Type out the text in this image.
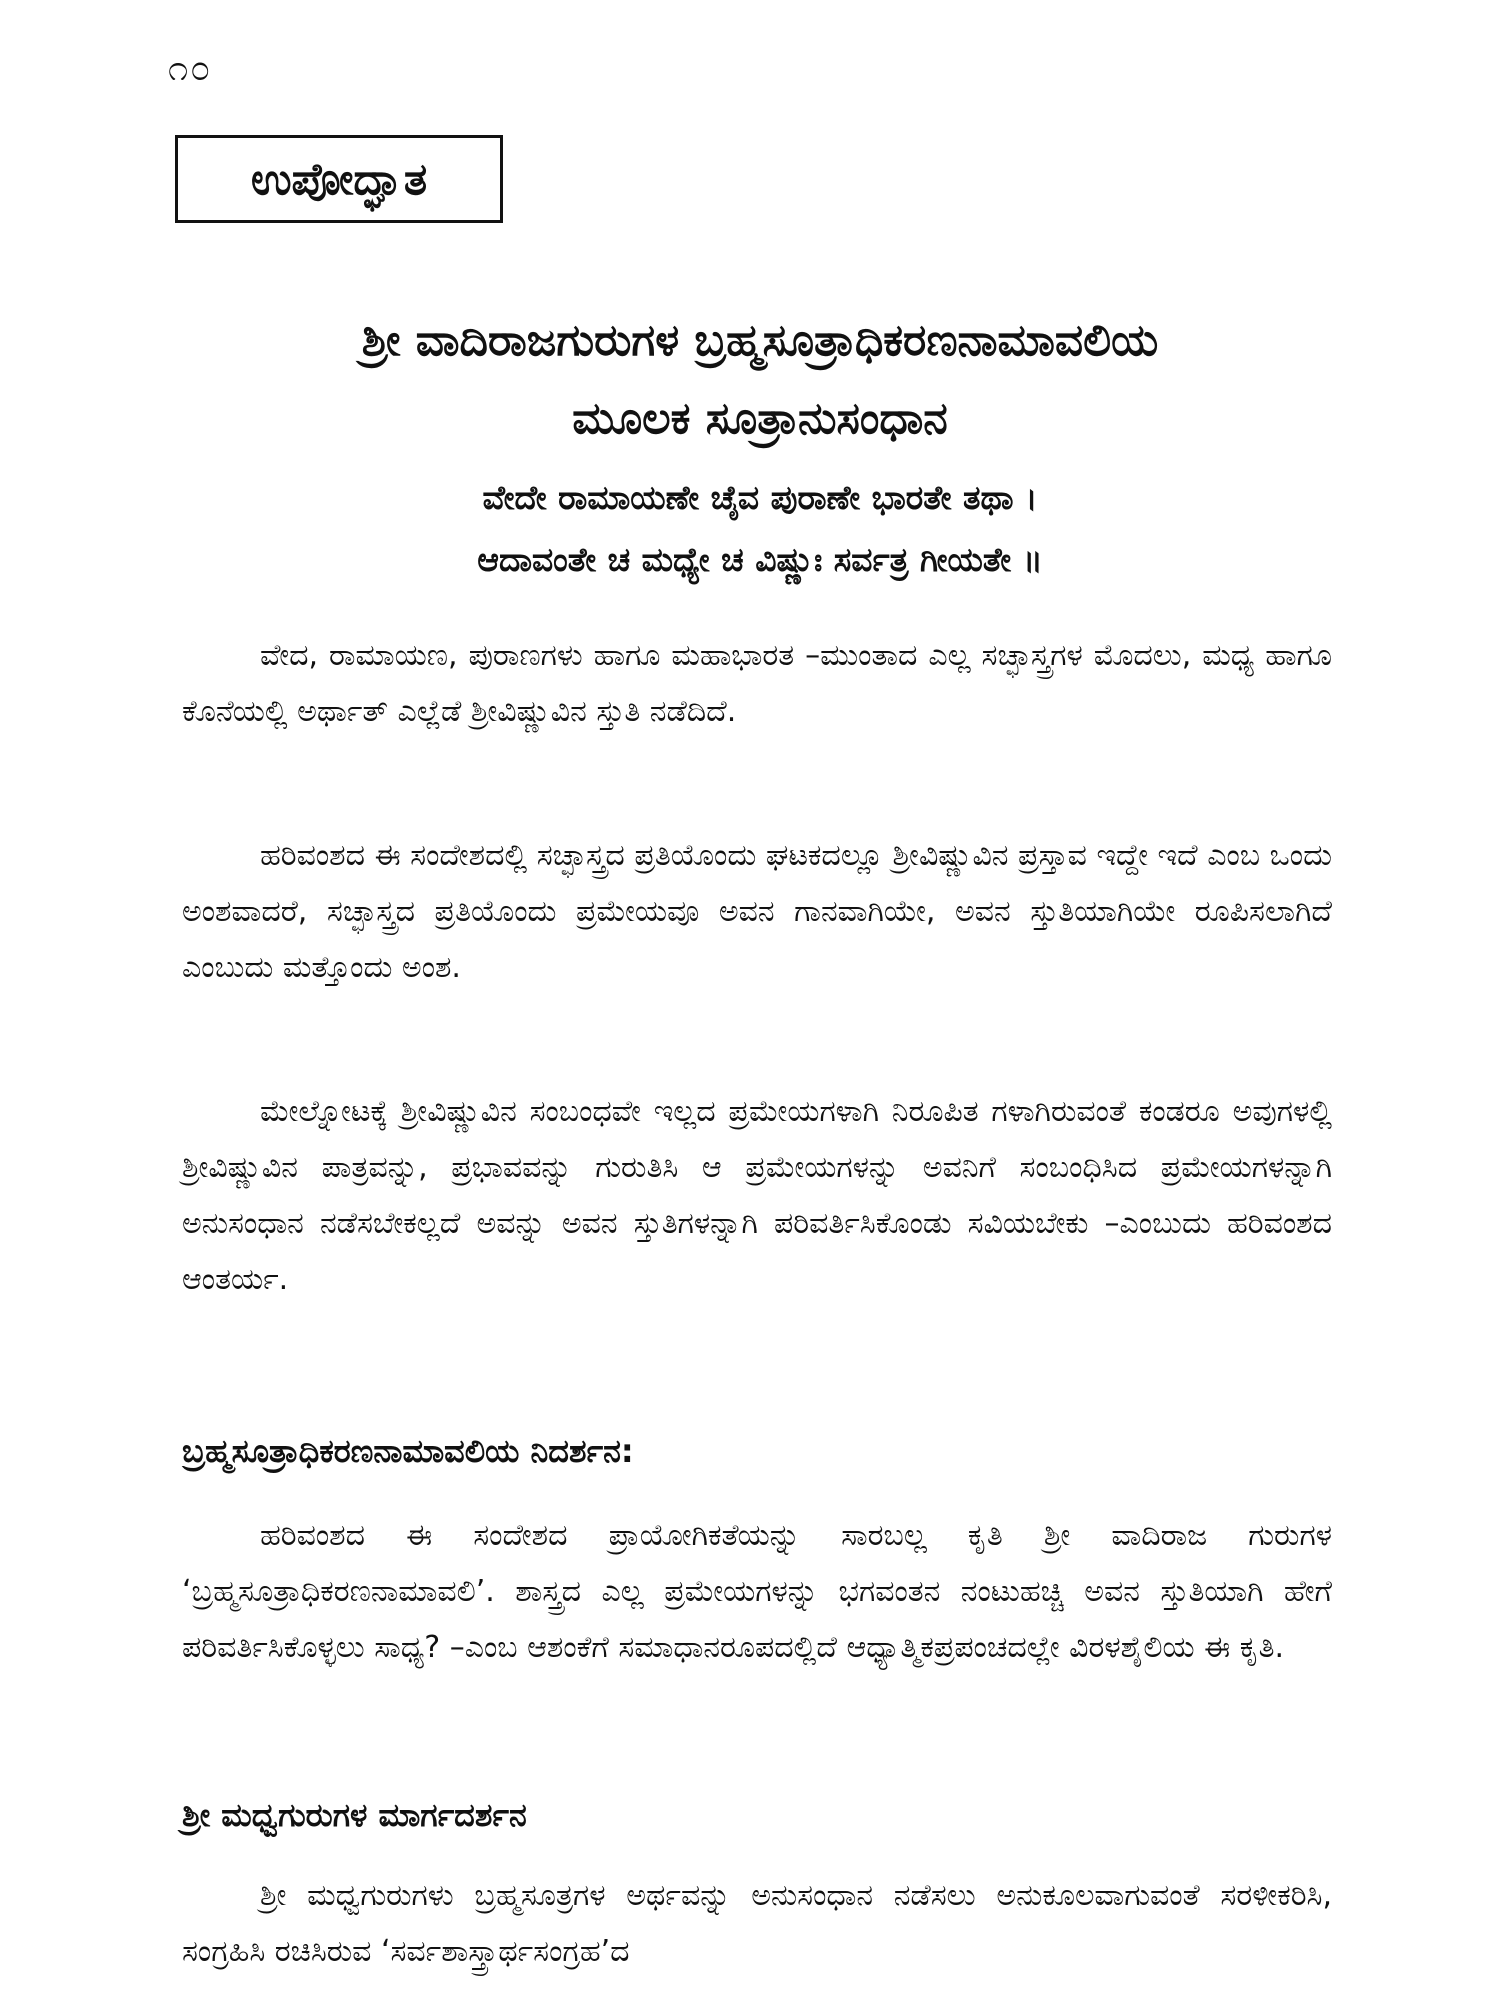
೧೦
ಉಪೋದ್ಘಾತ
ಶ್ರೀ ವಾದಿರಾಜಗುರುಗಳ ಬ್ರಹ್ಮಸೂತ್ರಾಧಿಕರಣನಾಮಾವಲಿಯ
ಮೂಲಕ ಸೂತ್ರಾನುಸಂಧಾನ
ವೇದೇ ರಾಮಾಯಣೇ ಚೈವ ಪುರಾಣೇ ಭಾರತೇ ತಥಾ ।
ಆದಾವಂತೇ ಚ ಮಧ್ಯೇ ಚ ವಿಷ್ಣುಃ ಸರ್ವತ್ರ ಗೀಯತೇ ॥

ವೇದ, ರಾಮಾಯಣ, ಪುರಾಣಗಳು ಹಾಗೂ ಮಹಾಭಾರತ –ಮುಂತಾದ ಎಲ್ಲ ಸಚ್ಛಾಸ್ತ್ರಗಳ ಮೊದಲು, ಮಧ್ಯ ಹಾಗೂ ಕೊನೆಯಲ್ಲಿ ಅರ್ಥಾತ್ ಎಲ್ಲೆಡೆ ಶ್ರೀವಿಷ್ಣುವಿನ ಸ್ತುತಿ ನಡೆದಿದೆ.

ಹರಿವಂಶದ ಈ ಸಂದೇಶದಲ್ಲಿ ಸಚ್ಛಾಸ್ತ್ರದ ಪ್ರತಿಯೊಂದು ಘಟಕದಲ್ಲೂ ಶ್ರೀವಿಷ್ಣುವಿನ ಪ್ರಸ್ತಾವ ಇದ್ದೇ ಇದೆ ಎಂಬ ಒಂದು ಅಂಶವಾದರೆ, ಸಚ್ಛಾಸ್ತ್ರದ ಪ್ರತಿಯೊಂದು ಪ್ರಮೇಯವೂ ಅವನ ಗಾನವಾಗಿಯೇ, ಅವನ ಸ್ತುತಿಯಾಗಿಯೇ ರೂಪಿಸಲಾಗಿದೆ ಎಂಬುದು ಮತ್ತೊಂದು ಅಂಶ.

ಮೇಲ್ನೋಟಕ್ಕೆ ಶ್ರೀವಿಷ್ಣುವಿನ ಸಂಬಂಧವೇ ಇಲ್ಲದ ಪ್ರಮೇಯಗಳಾಗಿ ನಿರೂಪಿತ ಗಳಾಗಿರುವಂತೆ ಕಂಡರೂ ಅವುಗಳಲ್ಲಿ ಶ್ರೀವಿಷ್ಣುವಿನ ಪಾತ್ರವನ್ನು, ಪ್ರಭಾವವನ್ನು ಗುರುತಿಸಿ ಆ ಪ್ರಮೇಯಗಳನ್ನು ಅವನಿಗೆ ಸಂಬಂಧಿಸಿದ ಪ್ರಮೇಯಗಳನ್ನಾಗಿ ಅನುಸಂಧಾನ ನಡೆಸಬೇಕಲ್ಲದೆ ಅವನ್ನು ಅವನ ಸ್ತುತಿಗಳನ್ನಾಗಿ ಪರಿವರ್ತಿಸಿಕೊಂಡು ಸವಿಯಬೇಕು –ಎಂಬುದು ಹರಿವಂಶದ ಆಂತರ್ಯ.

ಬ್ರಹ್ಮಸೂತ್ರಾಧಿಕರಣನಾಮಾವಲಿಯ ನಿದರ್ಶನ:

ಹರಿವಂಶದ ಈ ಸಂದೇಶದ ಪ್ರಾಯೋಗಿಕತೆಯನ್ನು ಸಾರಬಲ್ಲ ಕೃತಿ ಶ್ರೀ ವಾದಿರಾಜ ಗುರುಗಳ ‘ಬ್ರಹ್ಮಸೂತ್ರಾಧಿಕರಣನಾಮಾವಲಿ’. ಶಾಸ್ತ್ರದ ಎಲ್ಲ ಪ್ರಮೇಯಗಳನ್ನು ಭಗವಂತನ ನಂಟುಹಚ್ಚಿ ಅವನ ಸ್ತುತಿಯಾಗಿ ಹೇಗೆ ಪರಿವರ್ತಿಸಿಕೊಳ್ಳಲು ಸಾಧ್ಯ? –ಎಂಬ ಆಶಂಕೆಗೆ ಸಮಾಧಾನರೂಪದಲ್ಲಿದೆ ಆಧ್ಯಾತ್ಮಿಕಪ್ರಪಂಚದಲ್ಲೇ ವಿರಳಶೈಲಿಯ ಈ ಕೃತಿ.

ಶ್ರೀ ಮಧ್ವಗುರುಗಳ ಮಾರ್ಗದರ್ಶನ

ಶ್ರೀ ಮಧ್ವಗುರುಗಳು ಬ್ರಹ್ಮಸೂತ್ರಗಳ ಅರ್ಥವನ್ನು ಅನುಸಂಧಾನ ನಡೆಸಲು ಅನುಕೂಲವಾಗುವಂತೆ ಸರಳೀಕರಿಸಿ, ಸಂಗ್ರಹಿಸಿ ರಚಿಸಿರುವ ‘ಸರ್ವಶಾಸ್ತ್ರಾರ್ಥಸಂಗ್ರಹ’ದ
